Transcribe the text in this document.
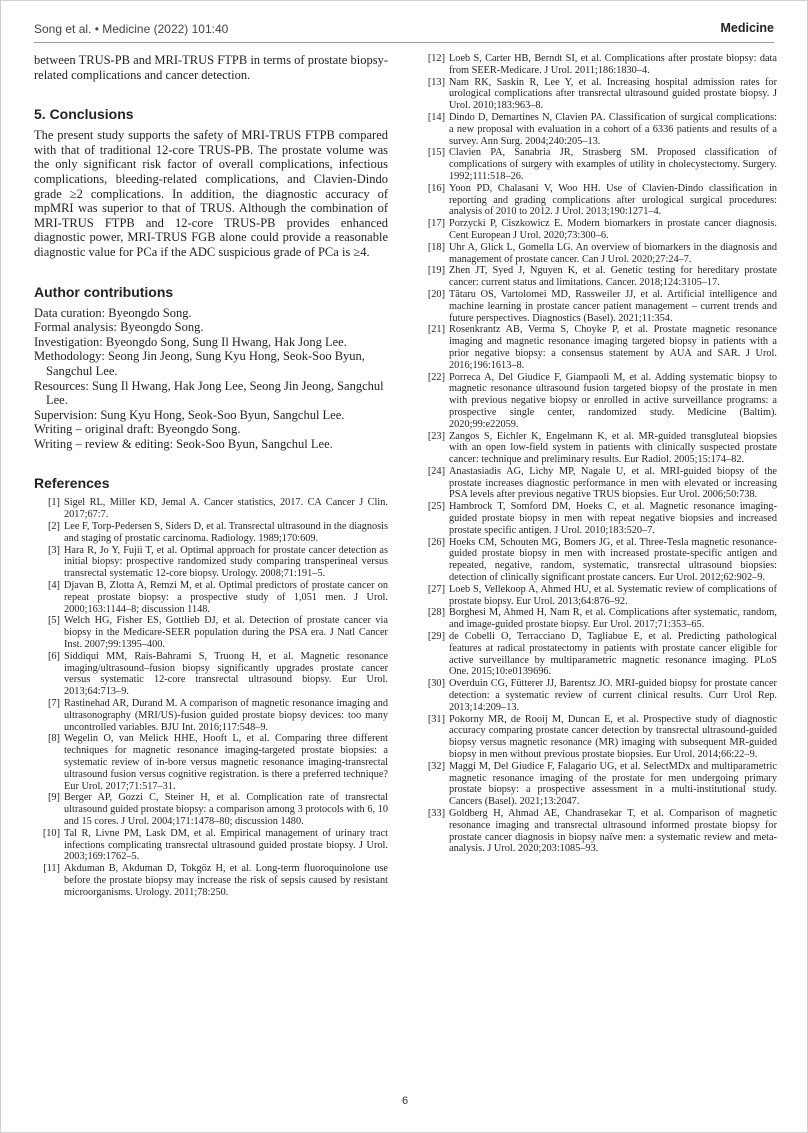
Song et al. • Medicine (2022) 101:40	Medicine

between TRUS-PB and MRI-TRUS FTPB in terms of prostate biopsy-related complications and cancer detection.

5. Conclusions

The present study supports the safety of MRI-TRUS FTPB compared with that of traditional 12-core TRUS-PB. The prostate volume was the only significant risk factor of overall complications, infectious complications, bleeding-related complications, and Clavien-Dindo grade ≥2 complications. In addition, the diagnostic accuracy of mpMRI was superior to that of TRUS. Although the combination of MRI-TRUS FTPB and 12-core TRUS-PB provides enhanced diagnostic power, MRI-TRUS FGB alone could provide a reasonable diagnostic value for PCa if the ADC suspicious grade of PCa is ≥4.

Author contributions
Data curation: Byeongdo Song.
Formal analysis: Byeongdo Song.
Investigation: Byeongdo Song, Sung Il Hwang, Hak Jong Lee.
Methodology: Seong Jin Jeong, Sung Kyu Hong, Seok-Soo Byun, Sangchul Lee.
Resources: Sung Il Hwang, Hak Jong Lee, Seong Jin Jeong, Sangchul Lee.
Supervision: Sung Kyu Hong, Seok-Soo Byun, Sangchul Lee.
Writing – original draft: Byeongdo Song.
Writing – review & editing: Seok-Soo Byun, Sangchul Lee.
References
[1] Sigel RL, Miller KD, Jemal A. Cancer statistics, 2017. CA Cancer J Clin. 2017;67:7.
[2] Lee F, Torp-Pedersen S, Siders D, et al. Transrectal ultrasound in the diagnosis and staging of prostatic carcinoma. Radiology. 1989;170:609.
[3] Hara R, Jo Y, Fujii T, et al. Optimal approach for prostate cancer detection as initial biopsy: prospective randomized study comparing transperineal versus transrectal systematic 12-core biopsy. Urology. 2008;71:191–5.
[4] Djavan B, Zlotta A, Remzi M, et al. Optimal predictors of prostate cancer on repeat prostate biopsy: a prospective study of 1,051 men. J Urol. 2000;163:1144–8; discussion 1148.
[5] Welch HG, Fisher ES, Gottlieb DJ, et al. Detection of prostate cancer via biopsy in the Medicare-SEER population during the PSA era. J Natl Cancer Inst. 2007;99:1395–400.
[6] Siddiqui MM, Rais-Bahrami S, Truong H, et al. Magnetic resonance imaging/ultrasound–fusion biopsy significantly upgrades prostate cancer versus systematic 12-core transrectal ultrasound biopsy. Eur Urol. 2013;64:713–9.
[7] Rastinehad AR, Durand M. A comparison of magnetic resonance imaging and ultrasonography (MRI/US)-fusion guided prostate biopsy devices: too many uncontrolled variables. BJU Int. 2016;117:548–9.
[8] Wegelin O, van Melick HHE, Hooft L, et al. Comparing three different techniques for magnetic resonance imaging-targeted prostate biopsies: a systematic review of in-bore versus magnetic resonance imaging-transrectal ultrasound fusion versus cognitive registration. is there a preferred technique? Eur Urol. 2017;71:517–31.
[9] Berger AP, Gozzi C, Steiner H, et al. Complication rate of transrectal ultrasound guided prostate biopsy: a comparison among 3 protocols with 6, 10 and 15 cores. J Urol. 2004;171:1478–80; discussion 1480.
[10] Tal R, Livne PM, Lask DM, et al. Empirical management of urinary tract infections complicating transrectal ultrasound guided prostate biopsy. J Urol. 2003;169:1762–5.
[11] Akduman B, Akduman D, Tokgöz H, et al. Long-term fluoroquinolone use before the prostate biopsy may increase the risk of sepsis caused by resistant microorganisms. Urology. 2011;78:250.
[12] Loeb S, Carter HB, Berndt SI, et al. Complications after prostate biopsy: data from SEER-Medicare. J Urol. 2011;186:1830–4.
[13] Nam RK, Saskin R, Lee Y, et al. Increasing hospital admission rates for urological complications after transrectal ultrasound guided prostate biopsy. J Urol. 2010;183:963–8.
[14] Dindo D, Demartines N, Clavien PA. Classification of surgical complications: a new proposal with evaluation in a cohort of a 6336 patients and results of a survey. Ann Surg. 2004;240:205–13.
[15] Clavien PA, Sanabria JR, Strasberg SM. Proposed classification of complications of surgery with examples of utility in cholecystectomy. Surgery. 1992;111:518–26.
[16] Yoon PD, Chalasani V, Woo HH. Use of Clavien-Dindo classification in reporting and grading complications after urological surgical procedures: analysis of 2010 to 2012. J Urol. 2013;190:1271–4.
[17] Porzycki P, Ciszkowicz E. Modern biomarkers in prostate cancer diagnosis. Cent European J Urol. 2020;73:300–6.
[18] Uhr A, Glick L, Gomella LG. An overview of biomarkers in the diagnosis and management of prostate cancer. Can J Urol. 2020;27:24–7.
[19] Zhen JT, Syed J, Nguyen K, et al. Genetic testing for hereditary prostate cancer: current status and limitations. Cancer. 2018;124:3105–17.
[20] Tătaru OS, Vartolomei MD, Rassweiler JJ, et al. Artificial intelligence and machine learning in prostate cancer patient management – current trends and future perspectives. Diagnostics (Basel). 2021;11:354.
[21] Rosenkrantz AB, Verma S, Choyke P, et al. Prostate magnetic resonance imaging and magnetic resonance imaging targeted biopsy in patients with a prior negative biopsy: a consensus statement by AUA and SAR. J Urol. 2016;196:1613–8.
[22] Porreca A, Del Giudice F, Giampaoli M, et al. Adding systematic biopsy to magnetic resonance ultrasound fusion targeted biopsy of the prostate in men with previous negative biopsy or enrolled in active surveillance programs: a prospective single center, randomized study. Medicine (Baltim). 2020;99:e22059.
[23] Zangos S, Eichler K, Engelmann K, et al. MR-guided transgluteal biopsies with an open low-field system in patients with clinically suspected prostate cancer: technique and preliminary results. Eur Radiol. 2005;15:174–82.
[24] Anastasiadis AG, Lichy MP, Nagale U, et al. MRI-guided biopsy of the prostate increases diagnostic performance in men with elevated or increasing PSA levels after previous negative TRUS biopsies. Eur Urol. 2006;50:738.
[25] Hambrock T, Somford DM, Hoeks C, et al. Magnetic resonance imaging-guided prostate biopsy in men with repeat negative biopsies and increased prostate specific antigen. J Urol. 2010;183:520–7.
[26] Hoeks CM, Schouten MG, Bomers JG, et al. Three-Tesla magnetic resonance-guided prostate biopsy in men with increased prostate-specific antigen and repeated, negative, random, systematic, transrectal ultrasound biopsies: detection of clinically significant prostate cancers. Eur Urol. 2012;62:902–9.
[27] Loeb S, Vellekoop A, Ahmed HU, et al. Systematic review of complications of prostate biopsy. Eur Urol. 2013;64:876–92.
[28] Borghesi M, Ahmed H, Nam R, et al. Complications after systematic, random, and image-guided prostate biopsy. Eur Urol. 2017;71:353–65.
[29] de Cobelli O, Terracciano D, Tagliabue E, et al. Predicting pathological features at radical prostatectomy in patients with prostate cancer eligible for active surveillance by multiparametric magnetic resonance imaging. PLoS One. 2015;10:e0139696.
[30] Overduin CG, Fütterer JJ, Barentsz JO. MRI-guided biopsy for prostate cancer detection: a systematic review of current clinical results. Curr Urol Rep. 2013;14:209–13.
[31] Pokorny MR, de Rooij M, Duncan E, et al. Prospective study of diagnostic accuracy comparing prostate cancer detection by transrectal ultrasound-guided biopsy versus magnetic resonance (MR) imaging with subsequent MR-guided biopsy in men without previous prostate biopsies. Eur Urol. 2014;66:22–9.
[32] Maggi M, Del Giudice F, Falagario UG, et al. SelectMDx and multiparametric magnetic resonance imaging of the prostate for men undergoing primary prostate biopsy: a prospective assessment in a multi-institutional study. Cancers (Basel). 2021;13:2047.
[33] Goldberg H, Ahmad AE, Chandrasekar T, et al. Comparison of magnetic resonance imaging and transrectal ultrasound informed prostate biopsy for prostate cancer diagnosis in biopsy naïve men: a systematic review and meta-analysis. J Urol. 2020;203:1085–93.
6
